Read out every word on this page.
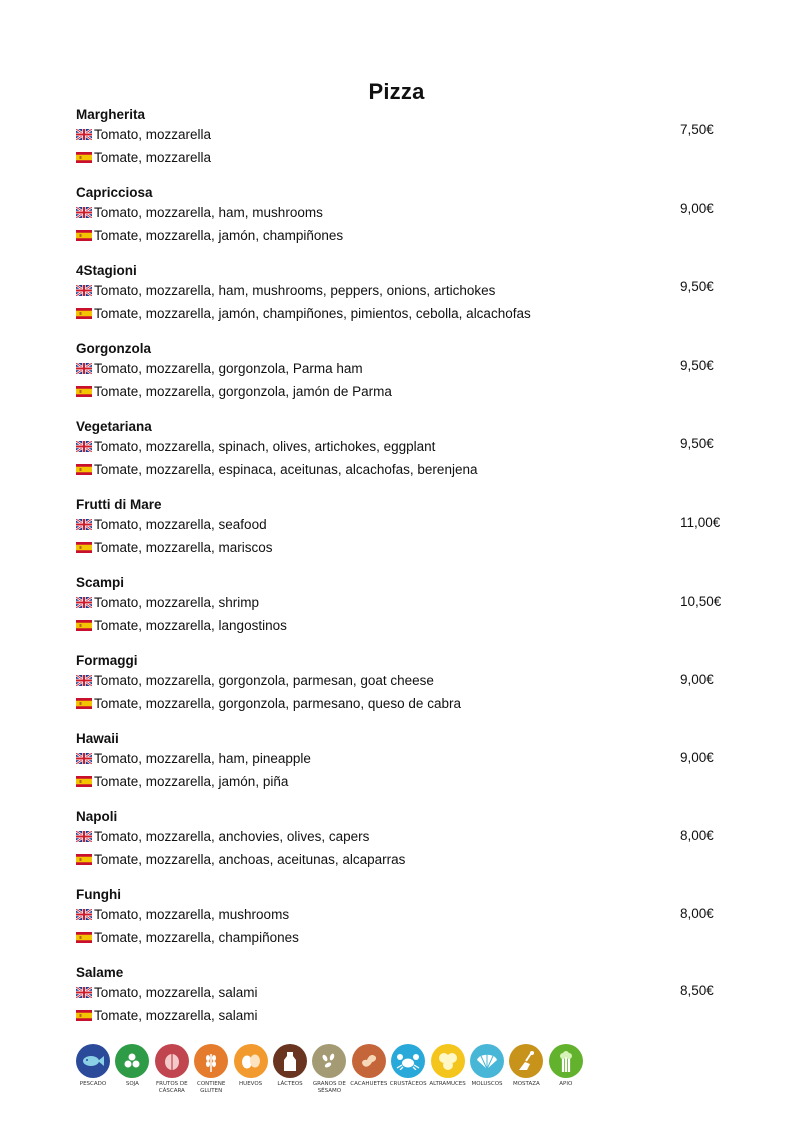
Pizza
Margherita
Tomato, mozzarella
Tomate, mozzarella
7,50€
Capricciosa
Tomato, mozzarella, ham, mushrooms
Tomate, mozzarella, jamón, champiñones
9,00€
4Stagioni
Tomato, mozzarella, ham, mushrooms, peppers, onions, artichokes
Tomate, mozzarella, jamón, champiñones, pimientos, cebolla, alcachofas
9,50€
Gorgonzola
Tomato, mozzarella, gorgonzola, Parma ham
Tomate, mozzarella, gorgonzola, jamón de Parma
9,50€
Vegetariana
Tomato, mozzarella, spinach, olives, artichokes, eggplant
Tomate, mozzarella, espinaca, aceitunas, alcachofas, berenjena
9,50€
Frutti di Mare
Tomato, mozzarella, seafood
Tomate, mozzarella, mariscos
11,00€
Scampi
Tomato, mozzarella, shrimp
Tomate, mozzarella, langostinos
10,50€
Formaggi
Tomato, mozzarella, gorgonzola, parmesan, goat cheese
Tomate, mozzarella, gorgonzola, parmesano, queso de cabra
9,00€
Hawaii
Tomato, mozzarella, ham, pineapple
Tomate, mozzarella, jamón, piña
9,00€
Napoli
Tomato, mozzarella, anchovies, olives, capers
Tomate, mozzarella, anchoas, aceitunas, alcaparras
8,00€
Funghi
Tomato, mozzarella, mushrooms
Tomate, mozzarella, champiñones
8,00€
Salame
Tomato, mozzarella, salami
Tomate, mozzarella, salami
8,50€
PESCADO	SOJA	FRUTOS DE CÁSCARA
CONTIENE GLUTEN
HUEVOS	LÁCTEOS	GRANOS DE SÉSAMO
CACAHUETES CRUSTÁCEOS ALTRAMUCES	MOLUSCOS	MOSTAZA	APIO
